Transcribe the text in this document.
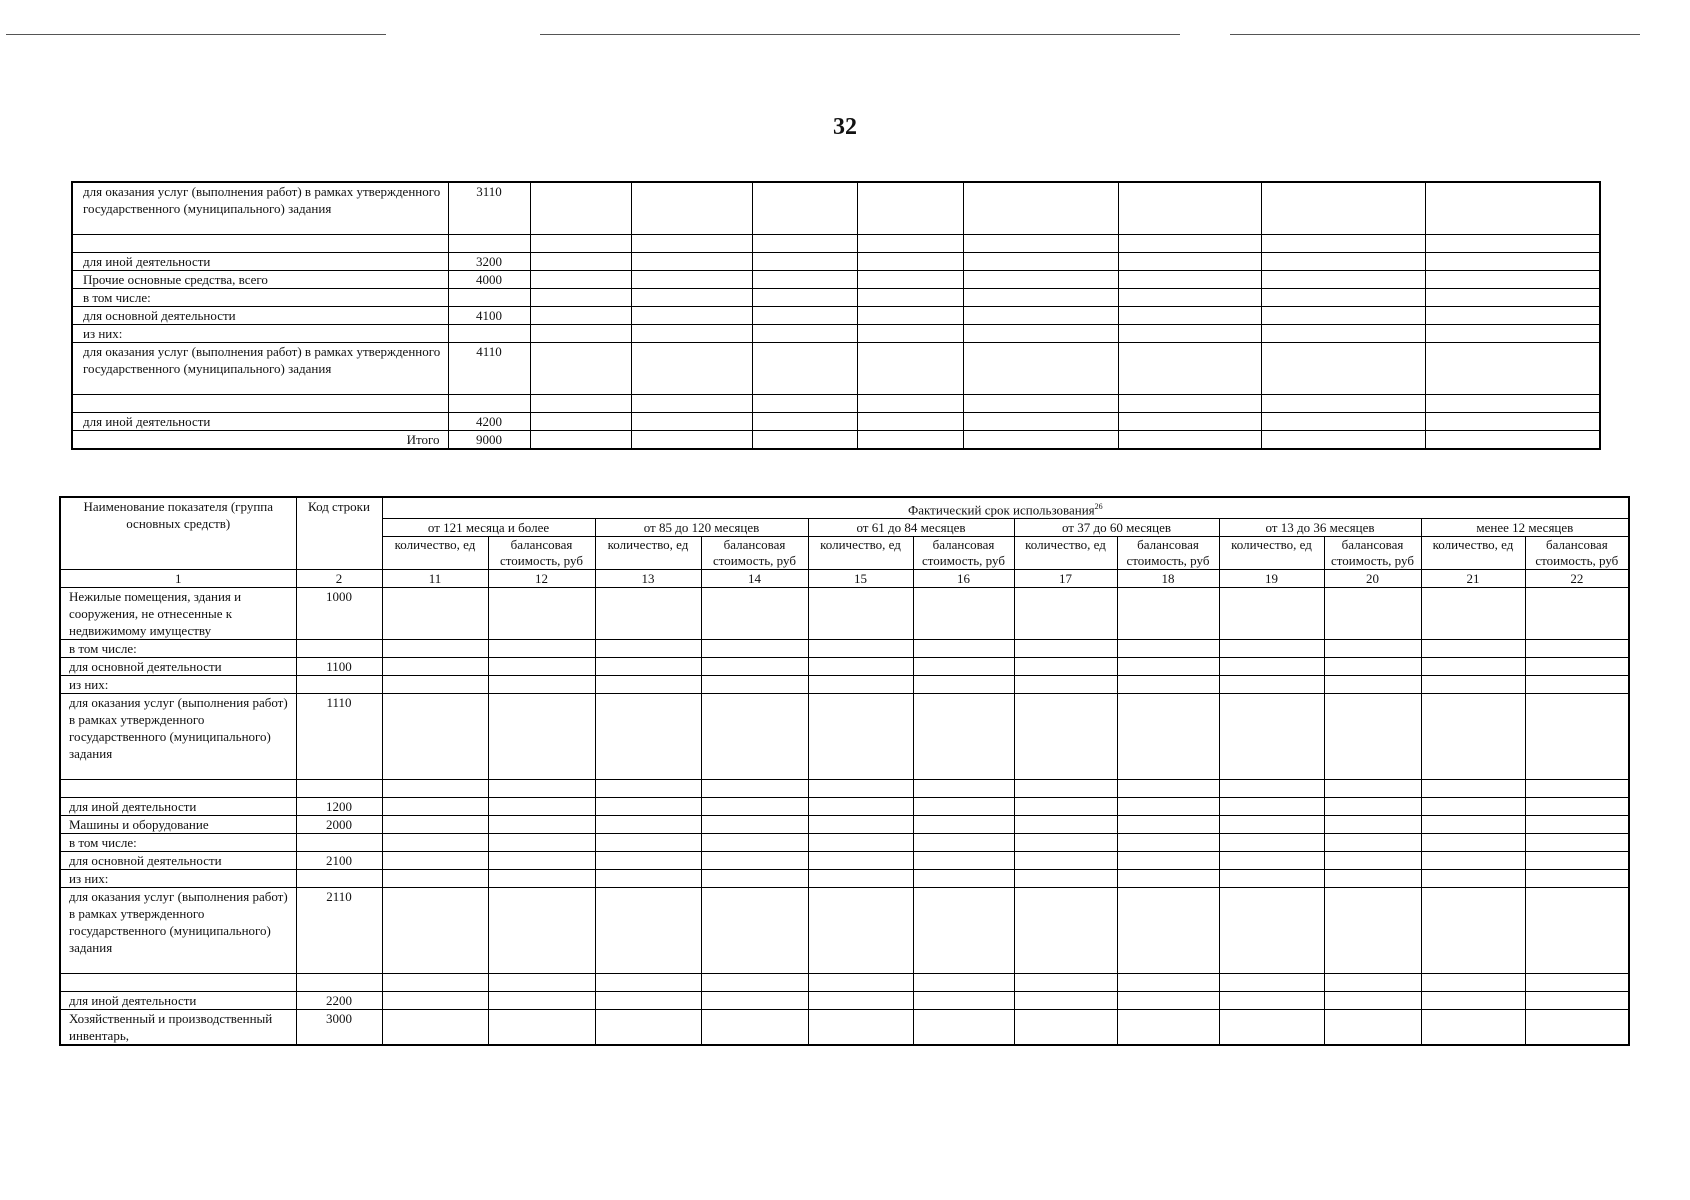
32
для оказания услуг (выполнения работ) в рамках утвержденного государственного (муниципального) задания	3110								

для иной деятельности	3200								
Прочие основные средства, всего	4000								
в том числе:									
для основной деятельности	4100								
из них:									
для оказания услуг (выполнения работ) в рамках утвержденного государственного (муниципального) задания	4110								

для иной деятельности	4200								
Итого	9000								
Наименование показателя (группа основных средств)	Код строки	Фактический срок использования$^{26}$
		от 121 месяца и более		от 85 до 120 месяцев		от 61 до 84 месяцев		от 37 до 60 месяцев		от 13 до 36 месяцев		менее 12 месяцев	
		количество, ед	балансовая стоимость, руб	количество, ед	балансовая стоимость, руб	количество, ед	балансовая стоимость, руб	количество, ед	балансовая стоимость, руб	количество, ед	балансовая стоимость, руб	количество, ед	балансовая стоимость, руб
1	2	11	12	13	14	15	16	17	18	19	20	21	22
Нежилые помещения, здания и сооружения, не отнесенные к недвижимому имуществу	1000												
в том числе:													
для основной деятельности	1100												
из них:													
для оказания услуг (выполнения работ) в рамках утвержденного государственного (муниципального) задания	1110												

для иной деятельности	1200												
Машины и оборудование	2000												
в том числе:													
для основной деятельности	2100												
из них:													
для оказания услуг (выполнения работ) в рамках утвержденного государственного (муниципального) задания	2110												

для иной деятельности	2200												
Хозяйственный и производственный инвентарь,	3000												
